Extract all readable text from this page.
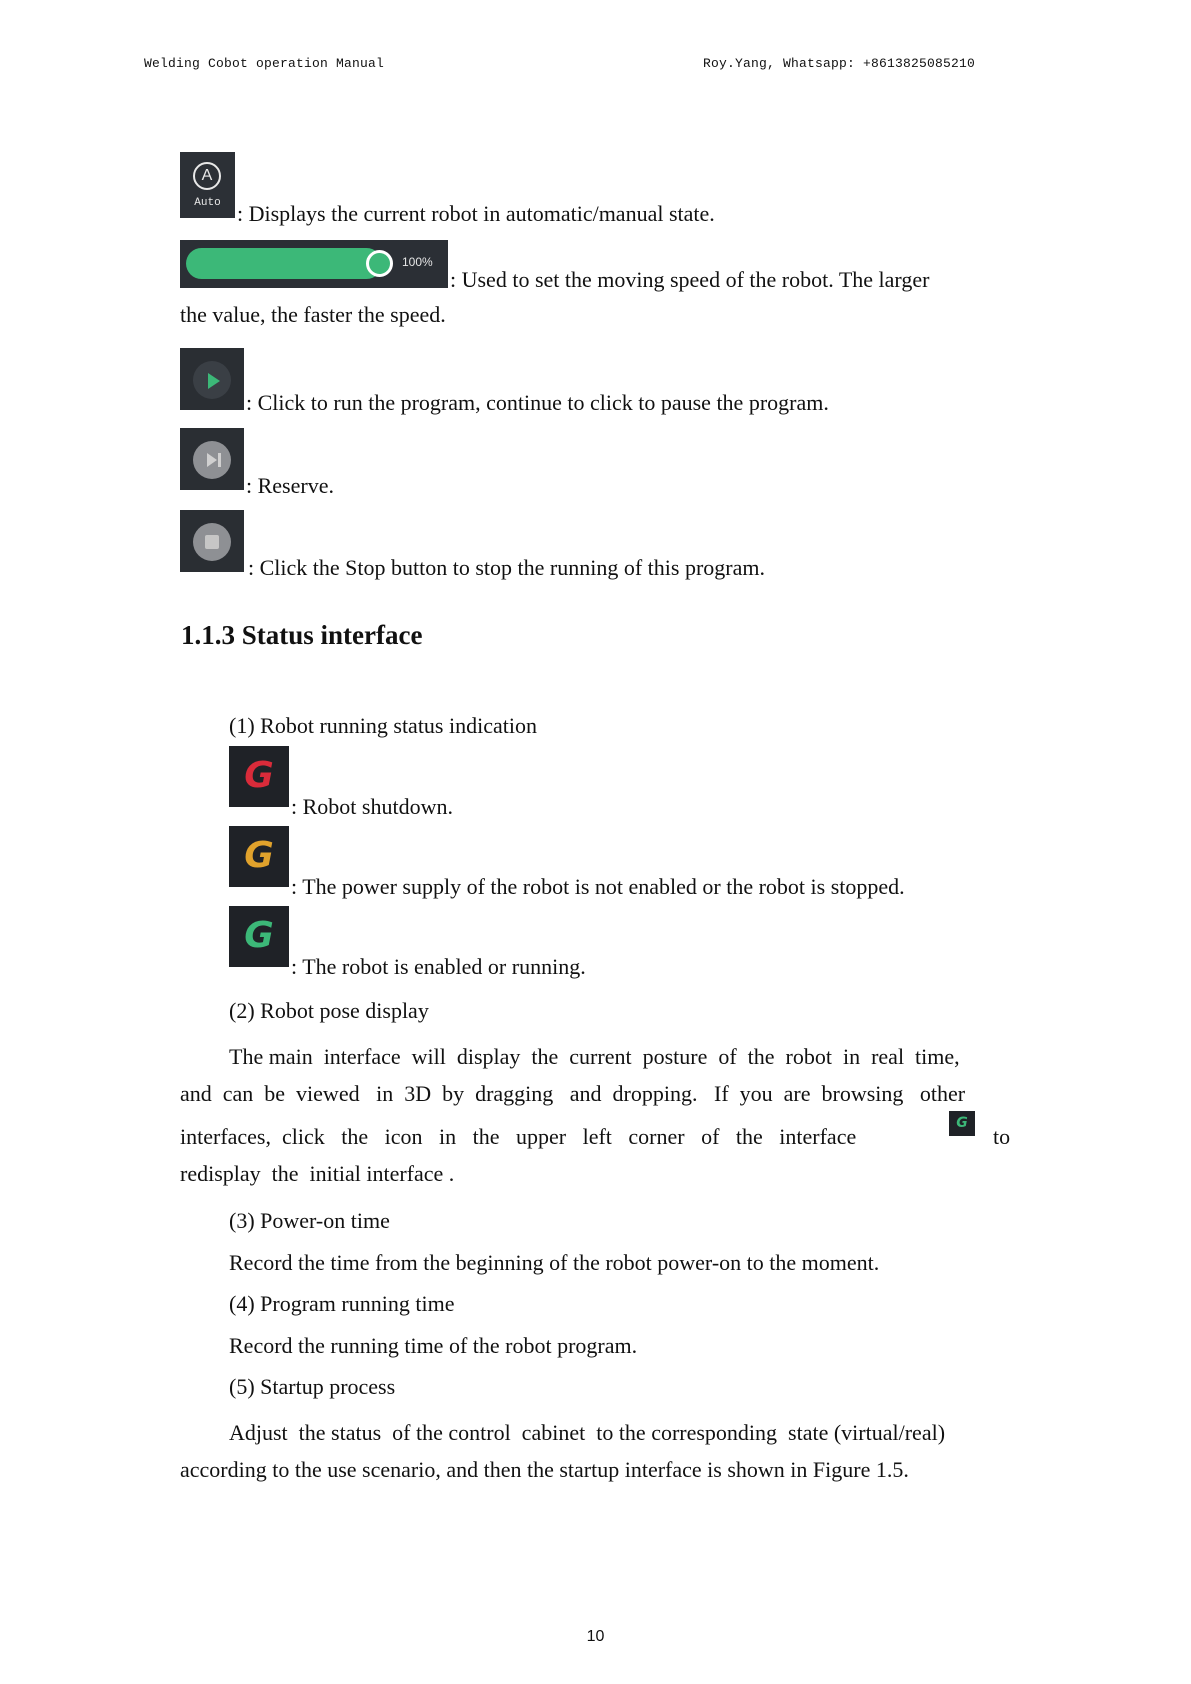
Welding Cobot operation Manual	Roy.Yang, Whatsapp: +8613825085210
A
Auto : Displays the current robot in automatic/manual state.
100%
: Used to set the moving speed of the robot. The larger
the value, the faster the speed.
: Click to run the program, continue to click to pause the program.
: Reserve.
: Click the Stop button to stop the running of this program.
1.1.3 Status interface
(1) Robot running status indication
G
: Robot shutdown.
G
: The power supply of the robot is not enabled or the robot is stopped.
G
: The robot is enabled or running.
(2) Robot pose display
The main  interface  will  display  the  current  posture  of  the  robot  in  real  time,
and  can  be  viewed   in  3D  by  dragging   and  dropping.   If  you  are  browsing   other
interfaces,  click   the   icon   in   the   upper   left   corner   of   the   interface
G
to
redisplay  the  initial interface .
(3) Power-on time
Record the time from the beginning of the robot power-on to the moment.
(4) Program running time
Record the running time of the robot program.
(5) Startup process
Adjust  the status  of the control  cabinet  to the corresponding  state (virtual/real)
according to the use scenario, and then the startup interface is shown in Figure 1.5.
10
